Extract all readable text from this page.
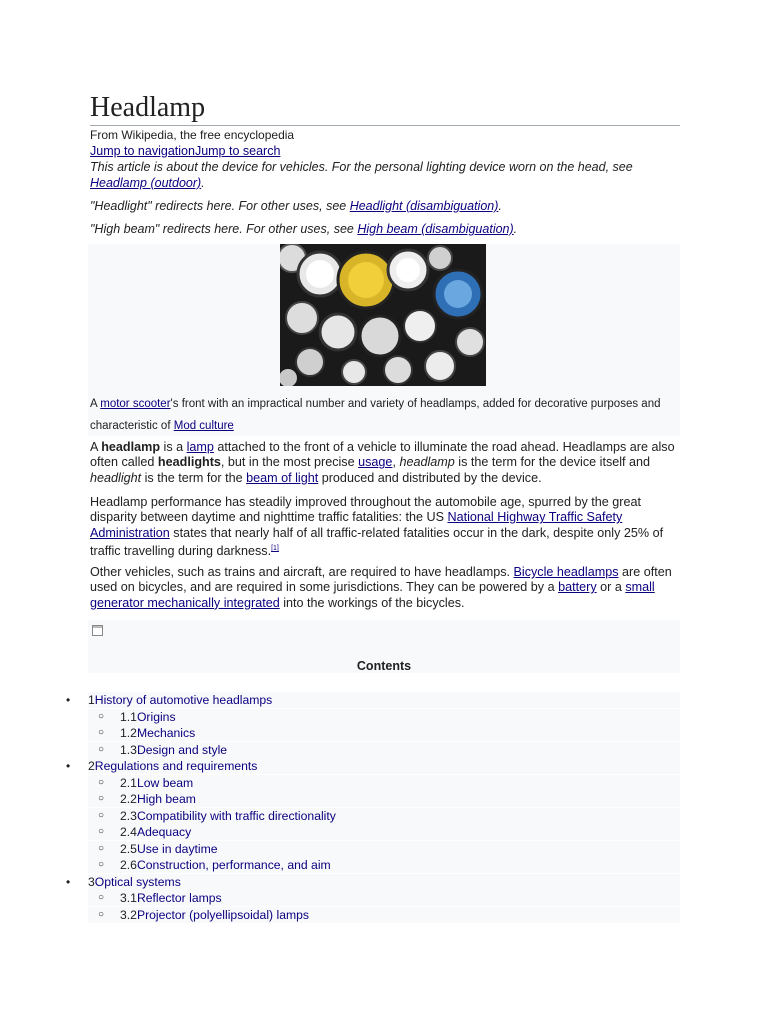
Headlamp
From Wikipedia, the free encyclopedia
Jump to navigationJump to search
This article is about the device for vehicles. For the personal lighting device worn on the head, see Headlamp (outdoor).
"Headlight" redirects here. For other uses, see Headlight (disambiguation).
"High beam" redirects here. For other uses, see High beam (disambiguation).
A motor scooter's front with an impractical number and variety of headlamps, added for decorative purposes and characteristic of Mod culture
A headlamp is a lamp attached to the front of a vehicle to illuminate the road ahead. Headlamps are also often called headlights, but in the most precise usage, headlamp is the term for the device itself and headlight is the term for the beam of light produced and distributed by the device.
Headlamp performance has steadily improved throughout the automobile age, spurred by the great disparity between daytime and nighttime traffic fatalities: the US National Highway Traffic Safety Administration states that nearly half of all traffic-related fatalities occur in the dark, despite only 25% of traffic travelling during darkness.[1]
Other vehicles, such as trains and aircraft, are required to have headlamps. Bicycle headlamps are often used on bicycles, and are required in some jurisdictions. They can be powered by a battery or a small generator mechanically integrated into the workings of the bicycles.
Contents
• 1History of automotive headlamps
○ 1.1Origins
○ 1.2Mechanics
○ 1.3Design and style
• 2Regulations and requirements
○ 2.1Low beam
○ 2.2High beam
○ 2.3Compatibility with traffic directionality
○ 2.4Adequacy
○ 2.5Use in daytime
○ 2.6Construction, performance, and aim
• 3Optical systems
○ 3.1Reflector lamps
○ 3.2Projector (polyellipsoidal) lamps
